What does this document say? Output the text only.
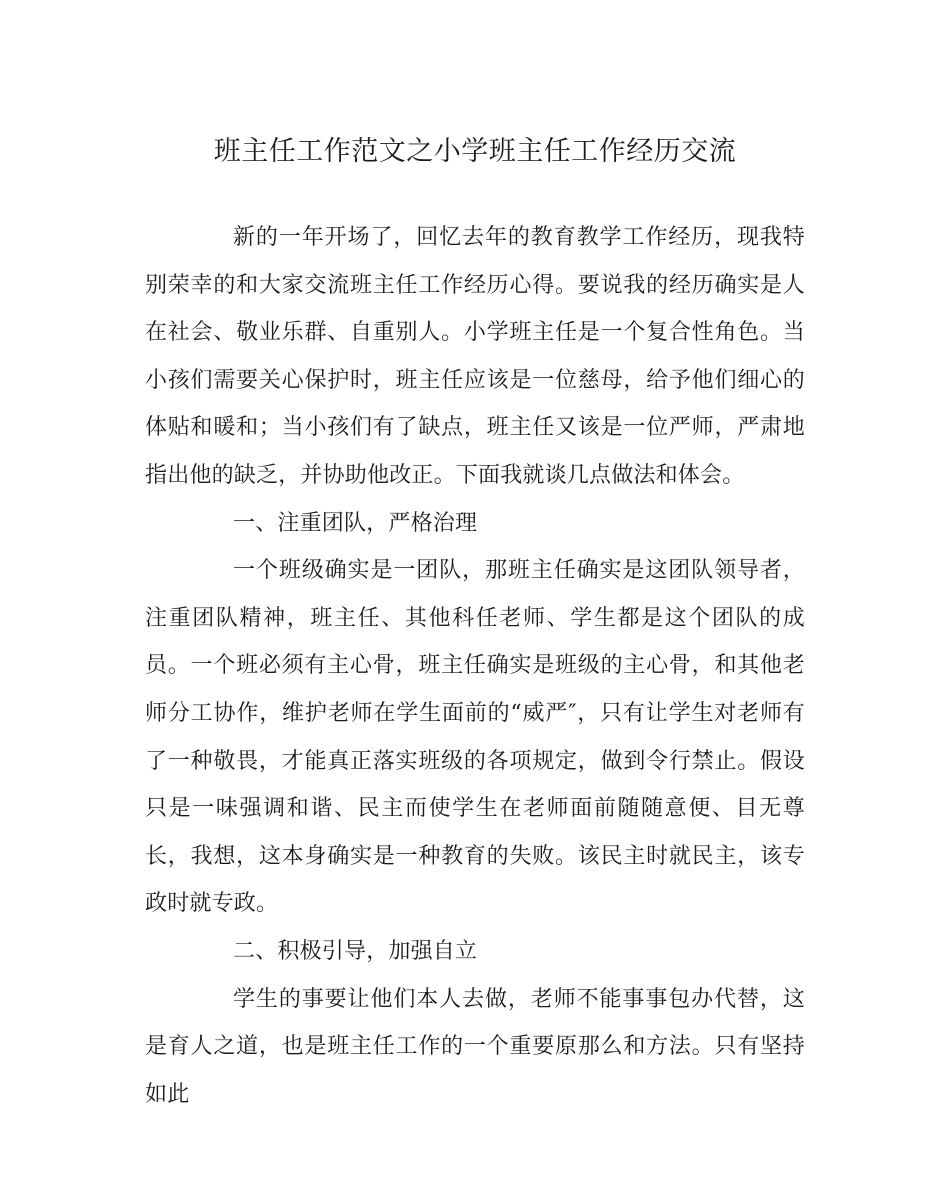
班主任工作范文之小学班主任工作经历交流

新的一年开场了，回忆去年的教育教学工作经历，现我特别荣幸的和大家交流班主任工作经历心得。要说我的经历确实是人在社会、敬业乐群、自重别人。小学班主任是一个复合性角色。当小孩们需要关心保护时，班主任应该是一位慈母，给予他们细心的体贴和暖和；当小孩们有了缺点，班主任又该是一位严师，严肃地指出他的缺乏，并协助他改正。下面我就谈几点做法和体会。

一、注重团队，严格治理

一个班级确实是一团队，那班主任确实是这团队领导者，注重团队精神，班主任、其他科任老师、学生都是这个团队的成员。一个班必须有主心骨，班主任确实是班级的主心骨，和其他老师分工协作，维护老师在学生面前的“威严″，只有让学生对老师有了一种敬畏，才能真正落实班级的各项规定，做到令行禁止。假设只是一味强调和谐、民主而使学生在老师面前随随意便、目无尊长，我想，这本身确实是一种教育的失败。该民主时就民主，该专政时就专政。

二、积极引导，加强自立

学生的事要让他们本人去做，老师不能事事包办代替，这是育人之道，也是班主任工作的一个重要原那么和方法。只有坚持如此
